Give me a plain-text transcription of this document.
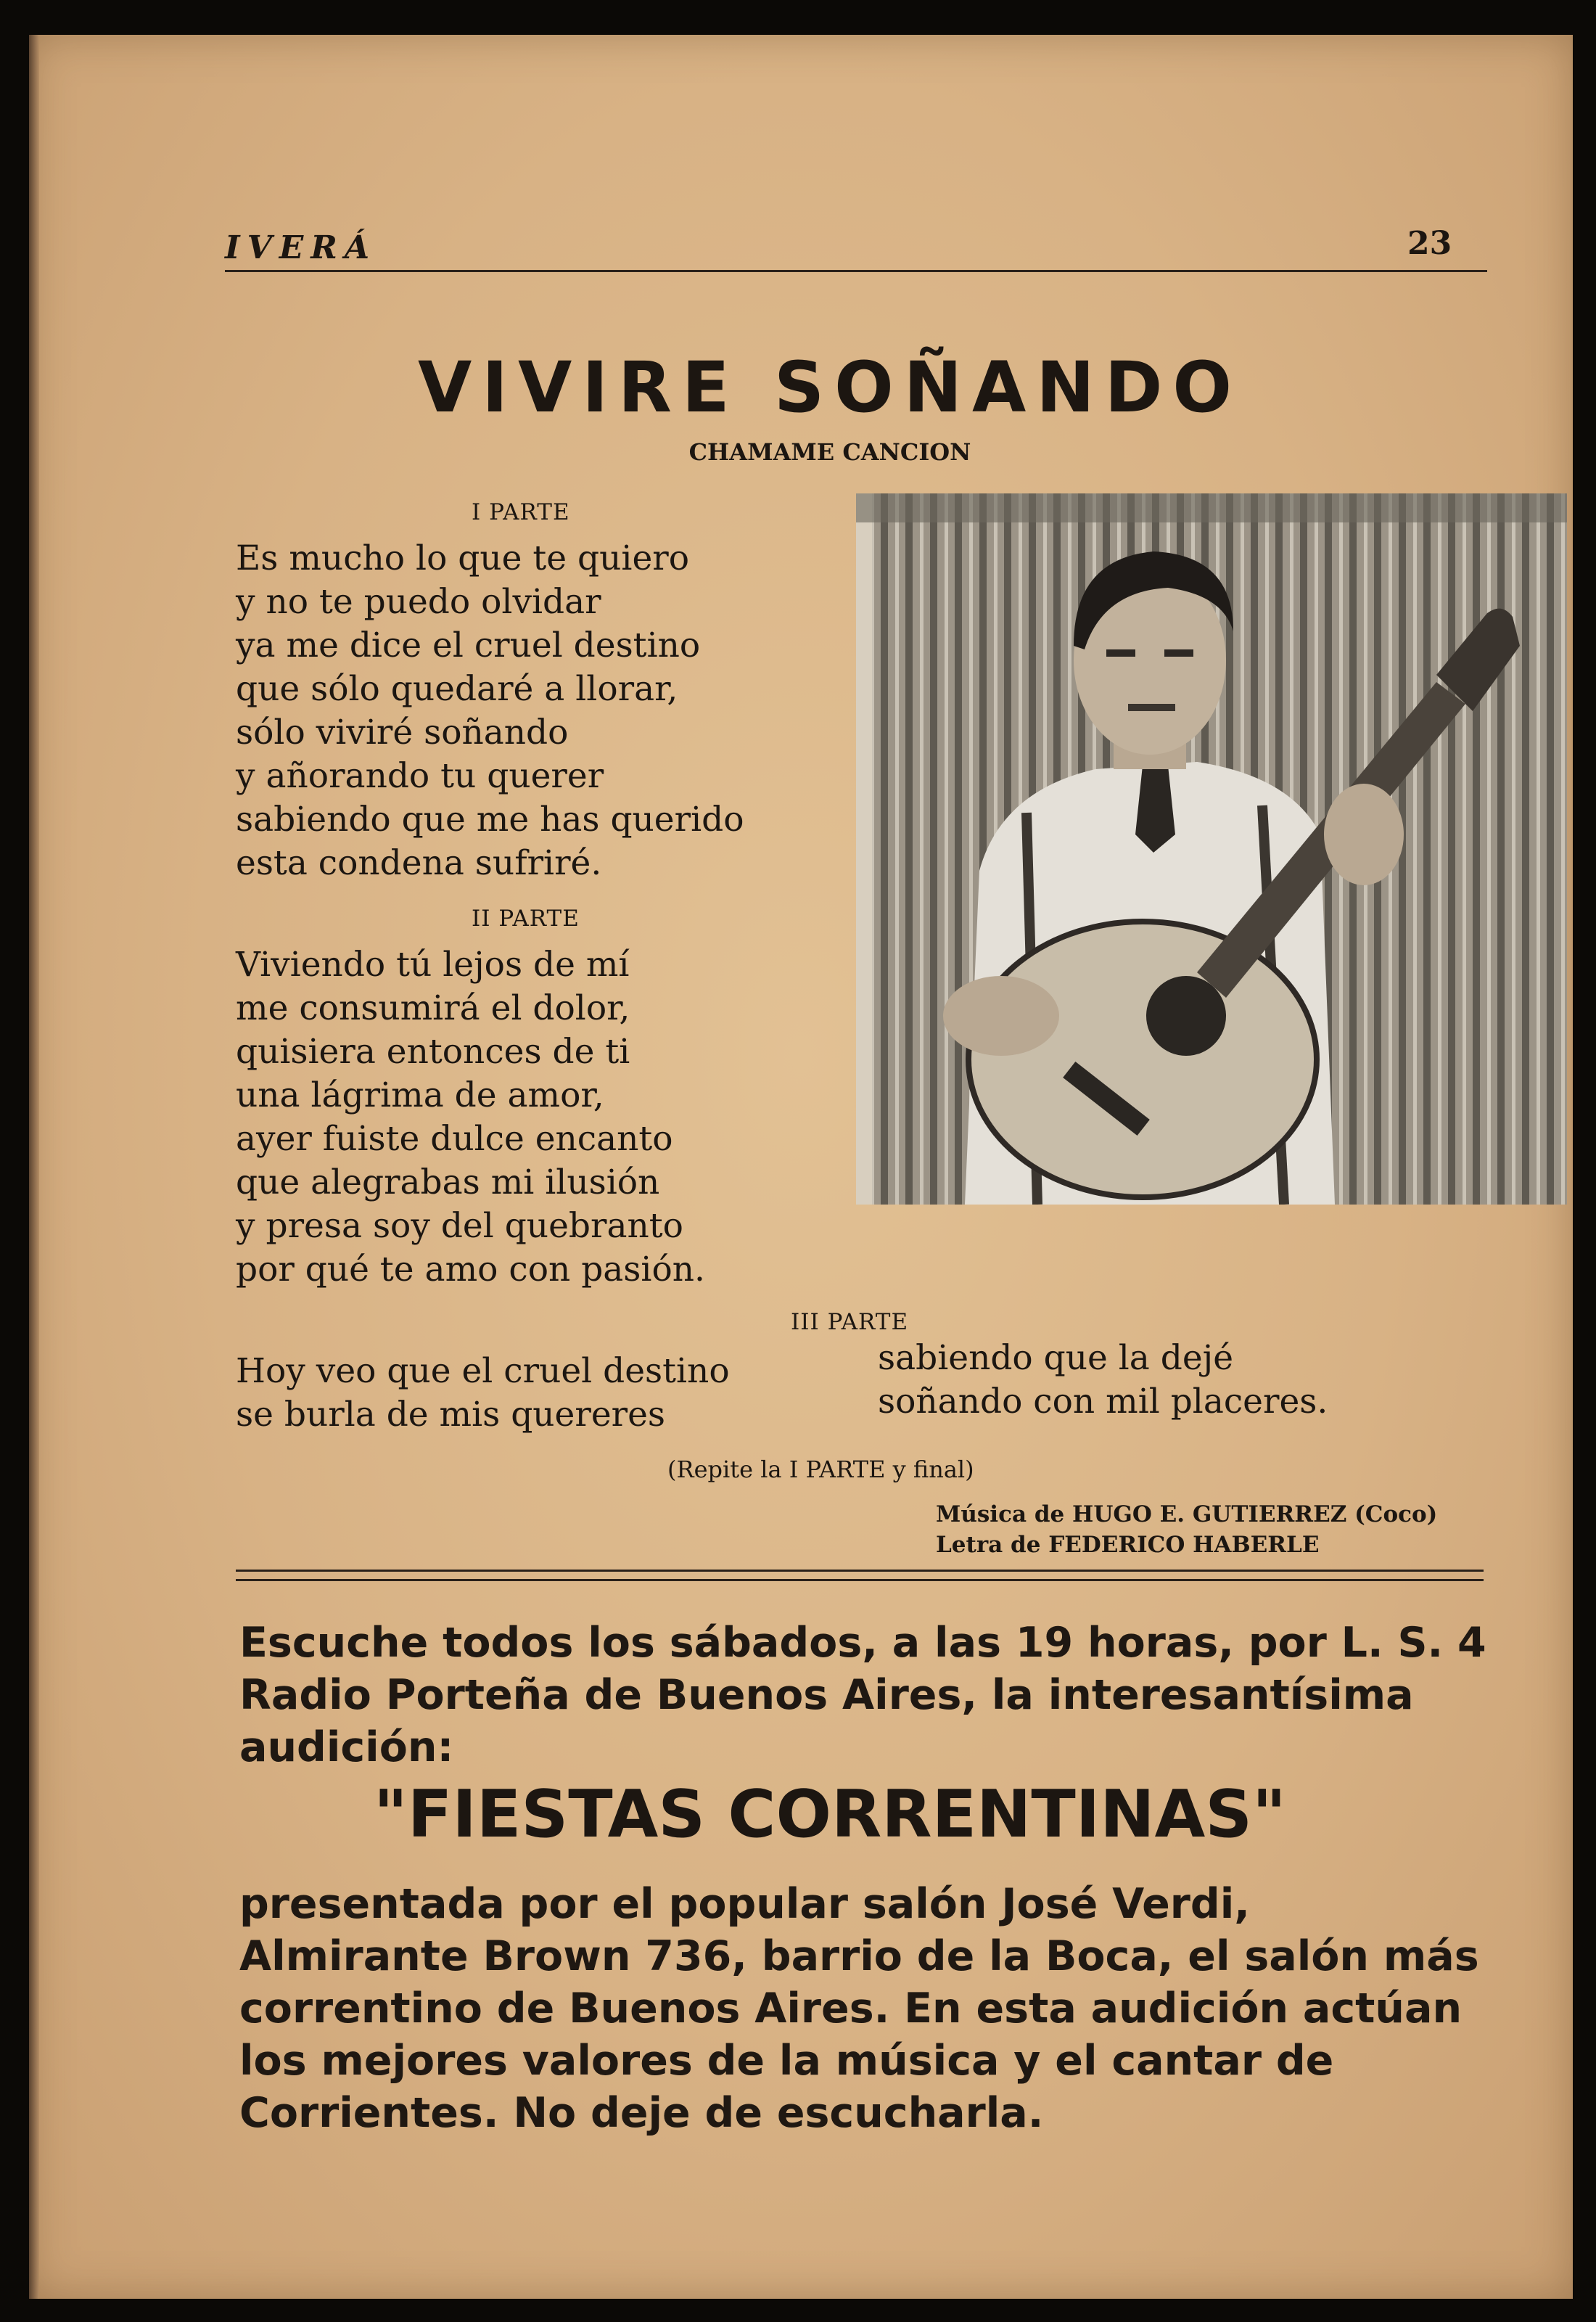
IVERÁ	23
VIVIRE SOÑANDO
CHAMAME CANCION
I PARTE
Es mucho lo que te quiero
y no te puedo olvidar
ya me dice el cruel destino
que sólo quedaré a llorar,
sólo viviré soñando
y añorando tu querer
sabiendo que me has querido
esta condena sufriré.
II PARTE
Viviendo tú lejos de mí
me consumirá el dolor,
quisiera entonces de ti
una lágrima de amor,
ayer fuiste dulce encanto
que alegrabas mi ilusión
y presa soy del quebranto
por qué te amo con pasión.
III PARTE
Hoy veo que el cruel destino
se burla de mis quereres
sabiendo que la dejé
soñando con mil placeres.
(Repite la I PARTE y final)
Música de HUGO E. GUTIERREZ (Coco)
Letra de FEDERICO HABERLE
Escuche todos los sábados, a las 19 horas, por L. S. 4 Radio Porteña de Buenos Aires, la interesantísima audición:
"FIESTAS CORRENTINAS"
presentada por el popular salón José Verdi, Almirante Brown 736, barrio de la Boca, el salón más correntino de Buenos Aires. En esta audición actúan los mejores valores de la música y el cantar de Corrientes. No deje de escucharla.
